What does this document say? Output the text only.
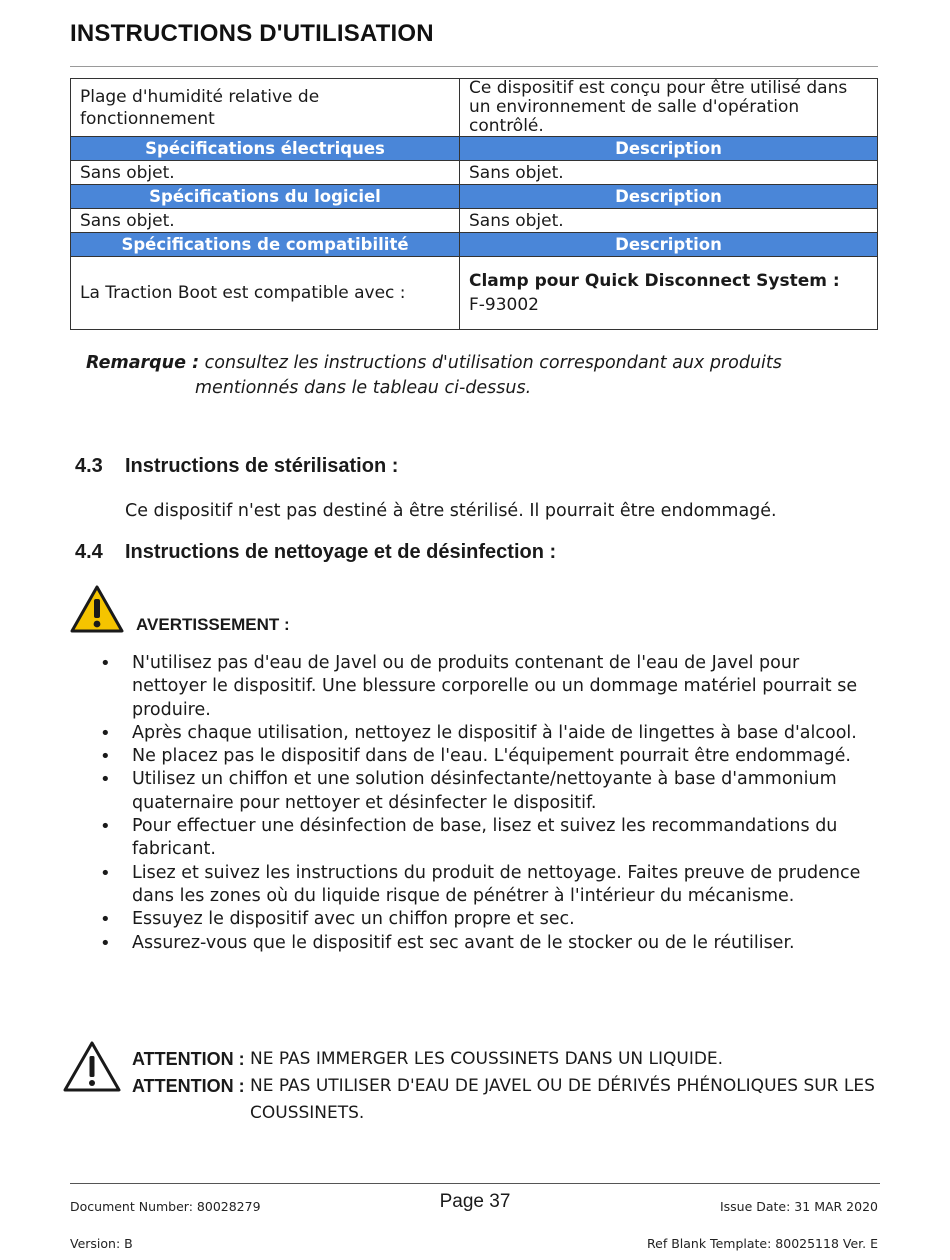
INSTRUCTIONS D'UTILISATION
Plage d'humidité relative de fonctionnement	Ce dispositif est conçu pour être utilisé dans un environnement de salle d'opération contrôlé.
Spécifications électriques	Description
Sans objet.	Sans objet.
Spécifications du logiciel	Description
Sans objet.	Sans objet.
Spécifications de compatibilité	Description
La Traction Boot est compatible avec :	Clamp pour Quick Disconnect System :
F-93002
Remarque : consultez les instructions d'utilisation correspondant aux produits
mentionnés dans le tableau ci-dessus.
4.3 Instructions de stérilisation :
Ce dispositif n'est pas destiné à être stérilisé. Il pourrait être endommagé.
4.4 Instructions de nettoyage et de désinfection :
AVERTISSEMENT :
• N'utilisez pas d'eau de Javel ou de produits contenant de l'eau de Javel pour nettoyer le dispositif. Une blessure corporelle ou un dommage matériel pourrait se produire.
• Après chaque utilisation, nettoyez le dispositif à l'aide de lingettes à base d'alcool.
• Ne placez pas le dispositif dans de l'eau. L'équipement pourrait être endommagé.
• Utilisez un chiffon et une solution désinfectante/nettoyante à base d'ammonium quaternaire pour nettoyer et désinfecter le dispositif.
• Pour effectuer une désinfection de base, lisez et suivez les recommandations du fabricant.
• Lisez et suivez les instructions du produit de nettoyage. Faites preuve de prudence dans les zones où du liquide risque de pénétrer à l'intérieur du mécanisme.
• Essuyez le dispositif avec un chiffon propre et sec.
• Assurez-vous que le dispositif est sec avant de le stocker ou de le réutiliser.
ATTENTION : NE PAS IMMERGER LES COUSSINETS DANS UN LIQUIDE.
ATTENTION : NE PAS UTILISER D'EAU DE JAVEL OU DE DÉRIVÉS PHÉNOLIQUES SUR LES COUSSINETS.
Document Number: 80028279	Page 37	Issue Date: 31 MAR 2020
Version: B	Ref Blank Template: 80025118 Ver. E
